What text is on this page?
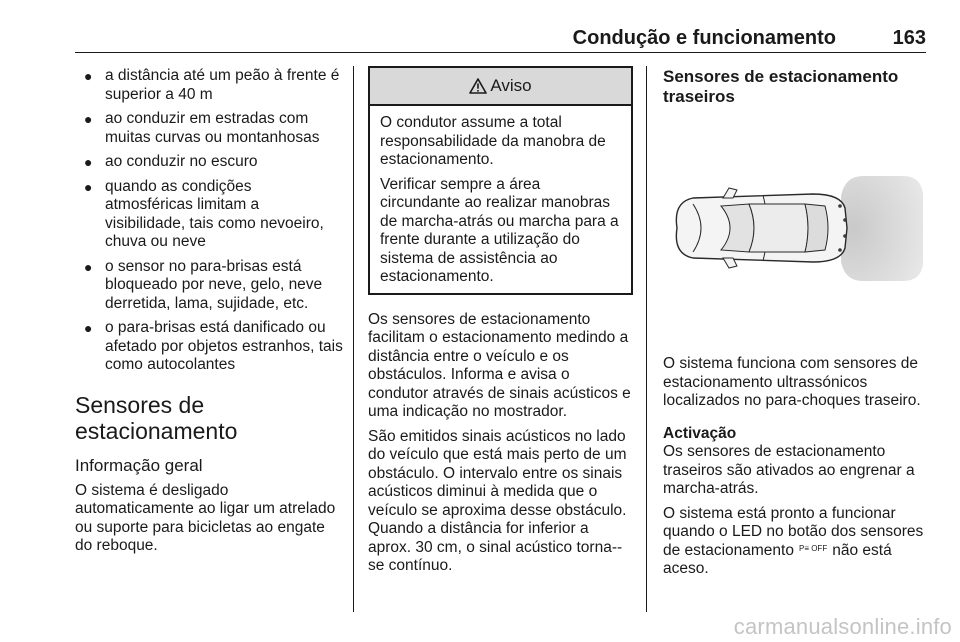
Condução e funcionamento	163
● a distância até um peão à frente é superior a 40 m
● ao conduzir em estradas com muitas curvas ou montanhosas
● ao conduzir no escuro
● quando as condições atmosféricas limitam a visibilidade, tais como nevoeiro, chuva ou neve
● o sensor no para-brisas está bloqueado por neve, gelo, neve derretida, lama, sujidade, etc.
● o para-brisas está danificado ou afetado por objetos estranhos, tais como autocolantes
Sensores de estacionamento
Informação geral

O sistema é desligado automaticamente ao ligar um atrelado ou suporte para bicicletas ao engate do reboque.

Aviso

O condutor assume a total responsabilidade da manobra de estacionamento.

Verificar sempre a área circundante ao realizar manobras de marcha-atrás ou marcha para a frente durante a utilização do sistema de assistência ao estacionamento.

Os sensores de estacionamento facilitam o estacionamento medindo a distância entre o veículo e os obstáculos. Informa e avisa o condutor através de sinais acústicos e uma indicação no mostrador.

São emitidos sinais acústicos no lado do veículo que está mais perto de um obstáculo. O intervalo entre os sinais acústicos diminui à medida que o veículo se aproxima desse obstáculo. Quando a distância for inferior a aprox. 30 cm, o sinal acústico torna--se contínuo.

Sensores de estacionamento traseiros

O sistema funciona com sensores de estacionamento ultrassónicos localizados no para-choques traseiro.

Activação

Os sensores de estacionamento traseiros são ativados ao engrenar a marcha-atrás.

O sistema está pronto a funcionar quando o LED no botão dos sensores de estacionamento P≡ OFF não está aceso.

carmanualsonline.info
